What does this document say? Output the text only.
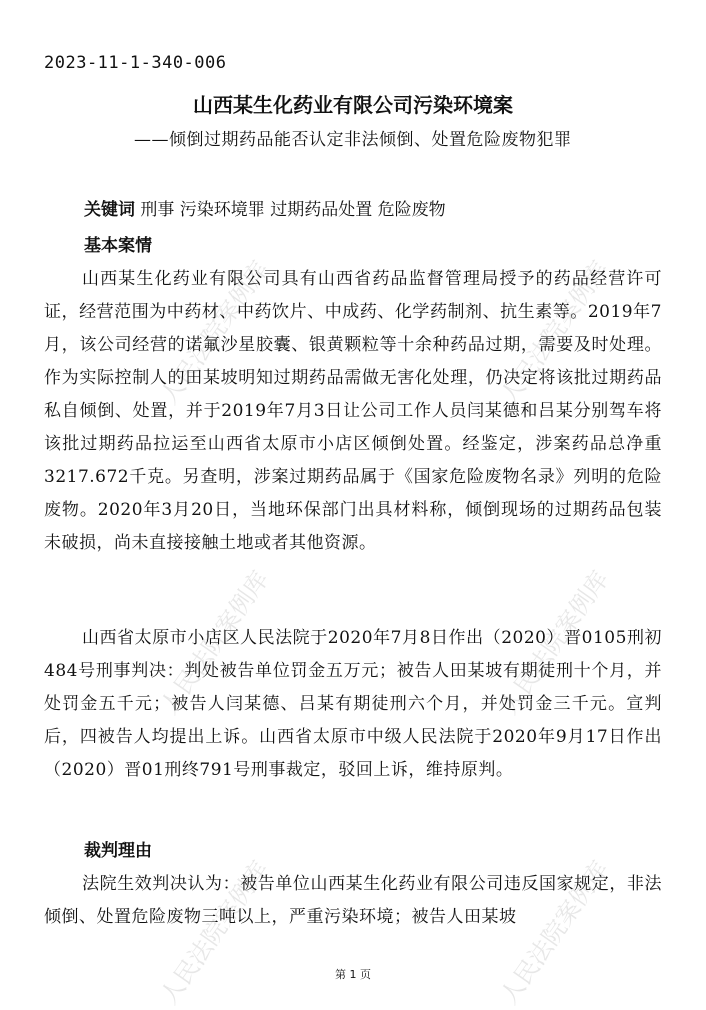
人民法院案例库	人民法院案例库
人民法院案例库	人民法院案例库
人民法院案例库	人民法院案例库
2023-11-1-340-006
山西某生化药业有限公司污染环境案
——倾倒过期药品能否认定非法倾倒、处置危险废物犯罪
关键词 刑事 污染环境罪 过期药品处置 危险废物
基本案情

山西某生化药业有限公司具有山西省药品监督管理局授予的药品经营许可证，经营范围为中药材、中药饮片、中成药、化学药制剂、抗生素等。2019年7月，该公司经营的诺氟沙星胶囊、银黄颗粒等十余种药品过期，需要及时处理。作为实际控制人的田某坡明知过期药品需做无害化处理，仍决定将该批过期药品私自倾倒、处置，并于2019年7月3日让公司工作人员闫某德和吕某分别驾车将该批过期药品拉运至山西省太原市小店区倾倒处置。经鉴定，涉案药品总净重3217.672千克。另查明，涉案过期药品属于《国家危险废物名录》列明的危险废物。2020年3月20日，当地环保部门出具材料称，倾倒现场的过期药品包装未破损，尚未直接接触土地或者其他资源。

山西省太原市小店区人民法院于2020年7月8日作出（2020）晋0105刑初484号刑事判决：判处被告单位罚金五万元；被告人田某坡有期徒刑十个月，并处罚金五千元；被告人闫某德、吕某有期徒刑六个月，并处罚金三千元。宣判后，四被告人均提出上诉。山西省太原市中级人民法院于2020年9月17日作出（2020）晋01刑终791号刑事裁定，驳回上诉，维持原判。

裁判理由

法院生效判决认为：被告单位山西某生化药业有限公司违反国家规定，非法倾倒、处置危险废物三吨以上，严重污染环境；被告人田某坡

第 1 页
